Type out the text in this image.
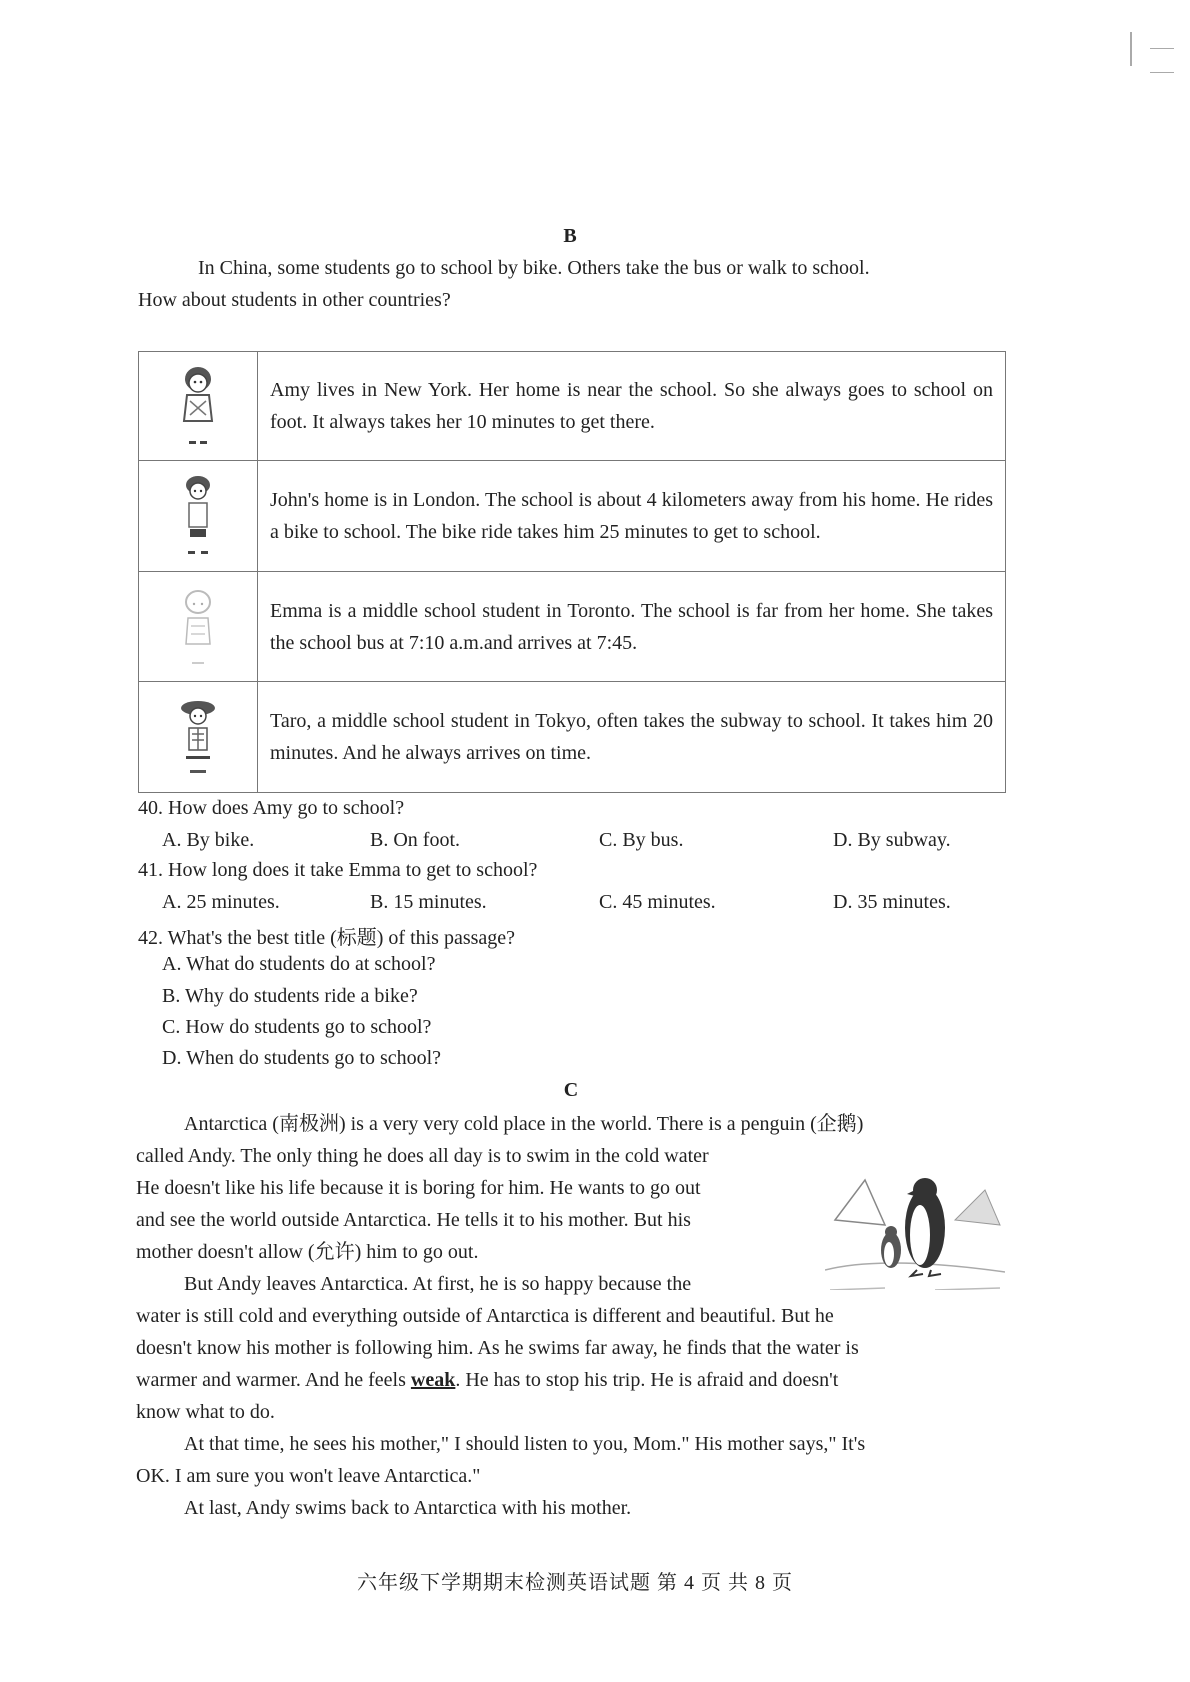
B

In China, some students go to school by bike. Others take the bus or walk to school.

How about students in other countries?

	Amy lives in New York. Her home is near the school. So she always goes to school on foot. It always takes her 10 minutes to get there.

	John's home is in London. The school is about 4 kilometers away from his home. He rides a bike to school. The bike ride takes him 25 minutes to get to school.

	Emma is a middle school student in Toronto. The school is far from her home. She takes the school bus at 7:10 a.m.and arrives at 7:45.

	Taro, a middle school student in Tokyo, often takes the subway to school. It takes him 20 minutes. And he always arrives on time.
40. How does Amy go to school?
A. By bike.	B. On foot.	C. By bus.	D. By subway.
41. How long does it take Emma to get to school?
A. 25 minutes.	B. 15 minutes.	C. 45 minutes.	D. 35 minutes.
42. What's the best title (标题) of this passage?
A. What do students do at school?
B. Why do students ride a bike?
C. How do students go to school?
D. When do students go to school?
C

Antarctica (南极洲) is a very very cold place in the world. There is a penguin (企鹅)

called Andy. The only thing he does all day is to swim in the cold water

He doesn't like his life because it is boring for him. He wants to go out

and see the world outside Antarctica. He tells it to his mother. But his

mother doesn't allow (允许) him to go out.

But Andy leaves Antarctica. At first, he is so happy because the

water is still cold and everything outside of Antarctica is different and beautiful. But he

doesn't know his mother is following him. As he swims far away, he finds that the water is

warmer and warmer. And he feels weak. He has to stop his trip. He is afraid and doesn't

know what to do.

At that time, he sees his mother," I should listen to you, Mom." His mother says," It's

OK. I am sure you won't leave Antarctica."

At last, Andy swims back to Antarctica with his mother.

六年级下学期期末检测英语试题 第 4 页 共 8 页
